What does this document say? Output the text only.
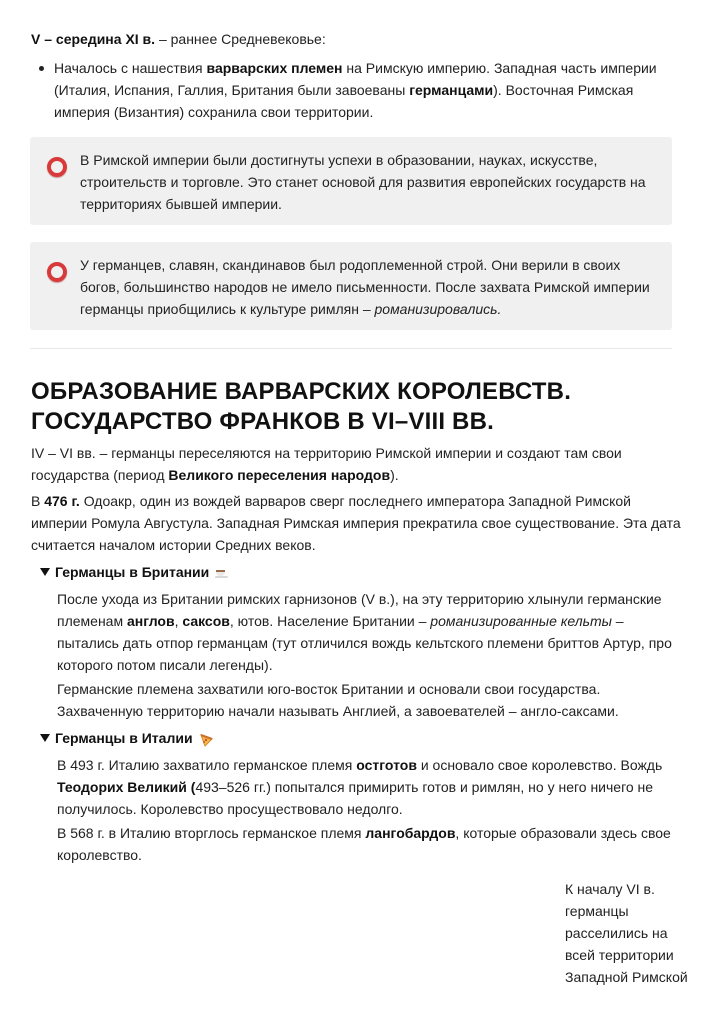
V – середина XI в. – раннее Средневековье:

Началось с нашествия варварских племен на Римскую империю. Западная часть империи (Италия, Испания, Галлия, Британия были завоеваны германцами). Восточная Римская империя (Византия) сохранила свои территории.

В Римской империи были достигнуты успехи в образовании, науках, искусстве, строительств и торговле. Это станет основой для развития европейских государств на территориях бывшей империи.

У германцев, славян, скандинавов был родоплеменной строй. Они верили в своих богов, большинство народов не имело письменности. После захвата Римской империи германцы приобщились к культуре римлян – романизировались.

ОБРАЗОВАНИЕ ВАРВАРСКИХ КОРОЛЕВСТВ. ГОСУДАРСТВО ФРАНКОВ В VI–VIII ВВ.

IV – VI вв. – германцы переселяются на территорию Римской империи и создают там свои государства (период Великого переселения народов).

В 476 г. Одоакр, один из вождей варваров сверг последнего императора Западной Римской империи Ромула Августула. Западная Римская империя прекратила свое существование. Эта дата считается началом истории Средних веков.

Германцы в Британии

После ухода из Британии римских гарнизонов (V в.), на эту территорию хлынули германские племенам англов, саксов, ютов. Население Британии – романизированные кельты – пытались дать отпор германцам (тут отличился вождь кельтского племени бриттов Артур, про которого потом писали легенды).

Германские племена захватили юго-восток Британии и основали свои государства. Захваченную территорию начали называть Англией, а завоевателей – англо-саксами.

Германцы в Италии

В 493 г. Италию захватило германское племя остготов и основало свое королевство. Вождь Теодорих Великий (493–526 гг.) попытался примирить готов и римлян, но у него ничего не получилось. Королевство просуществовало недолго.

В 568 г. в Италию вторглось германское племя лангобардов, которые образовали здесь свое королевство.

К началу VI в. германцы расселились на всей территории Западной Римской
